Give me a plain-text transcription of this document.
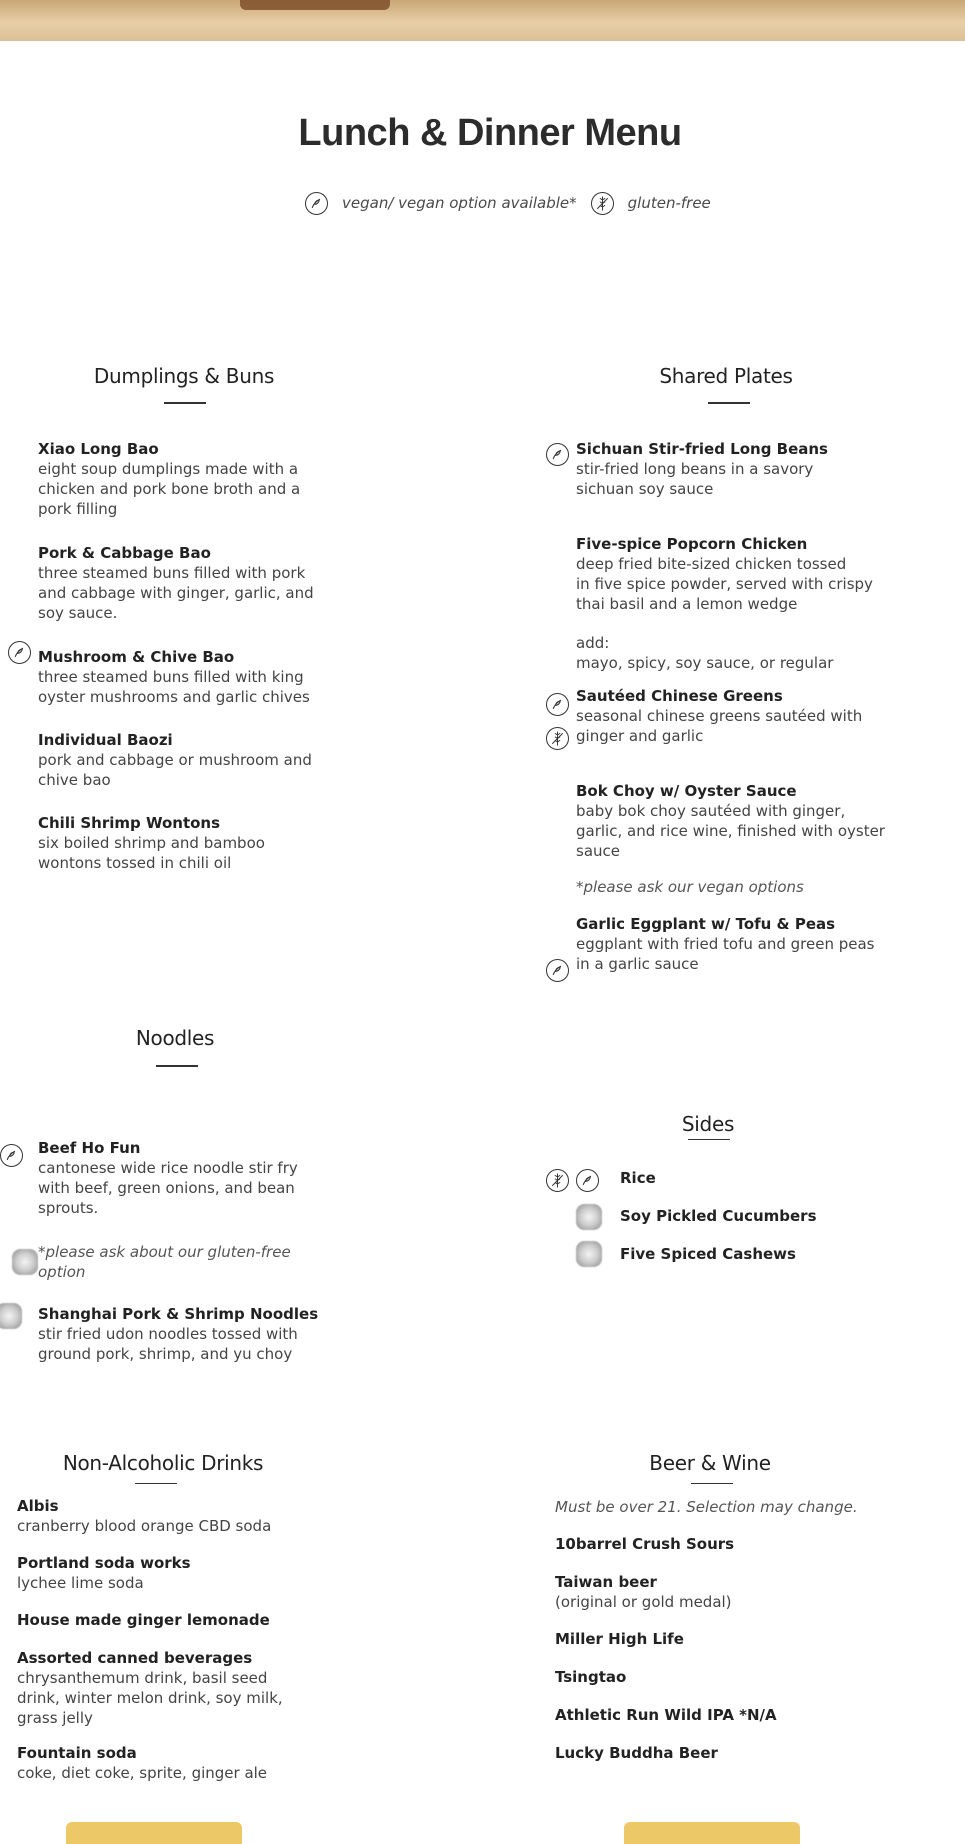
Lunch & Dinner Menu
vegan/ vegan option available*	gluten-free
Dumplings & Buns
Xiao Long Bao
eight soup dumplings made with a
chicken and pork bone broth and a
pork filling
Pork & Cabbage Bao
three steamed buns filled with pork
and cabbage with ginger, garlic, and
soy sauce.
Mushroom & Chive Bao
three steamed buns filled with king
oyster mushrooms and garlic chives
Individual Baozi
pork and cabbage or mushroom and
chive bao
Chili Shrimp Wontons
six boiled shrimp and bamboo
wontons tossed in chili oil
Shared Plates
Sichuan Stir-fried Long Beans
stir-fried long beans in a savory
sichuan soy sauce
Five-spice Popcorn Chicken
deep fried bite-sized chicken tossed
in five spice powder, served with crispy
thai basil and a lemon wedge
add:
mayo, spicy, soy sauce, or regular
Sautéed Chinese Greens
seasonal chinese greens sautéed with
ginger and garlic
Bok Choy w/ Oyster Sauce
baby bok choy sautéed with ginger,
garlic, and rice wine, finished with oyster
sauce
*please ask our vegan options
Garlic Eggplant w/ Tofu & Peas
eggplant with fried tofu and green peas
in a garlic sauce
Noodles
Beef Ho Fun
cantonese wide rice noodle stir fry
with beef, green onions, and bean
sprouts.
*please ask about our gluten-free
option
Shanghai Pork & Shrimp Noodles
stir fried udon noodles tossed with
ground pork, shrimp, and yu choy
Sides
Rice
Soy Pickled Cucumbers
Five Spiced Cashews
Non-Alcoholic Drinks
Albis
cranberry blood orange CBD soda
Portland soda works
lychee lime soda
House made ginger lemonade
Assorted canned beverages
chrysanthemum drink, basil seed
drink, winter melon drink, soy milk,
grass jelly
Fountain soda
coke, diet coke, sprite, ginger ale
Beer & Wine
Must be over 21. Selection may change.
10barrel Crush Sours
Taiwan beer
(original or gold medal)
Miller High Life
Tsingtao
Athletic Run Wild IPA *N/A
Lucky Buddha Beer
